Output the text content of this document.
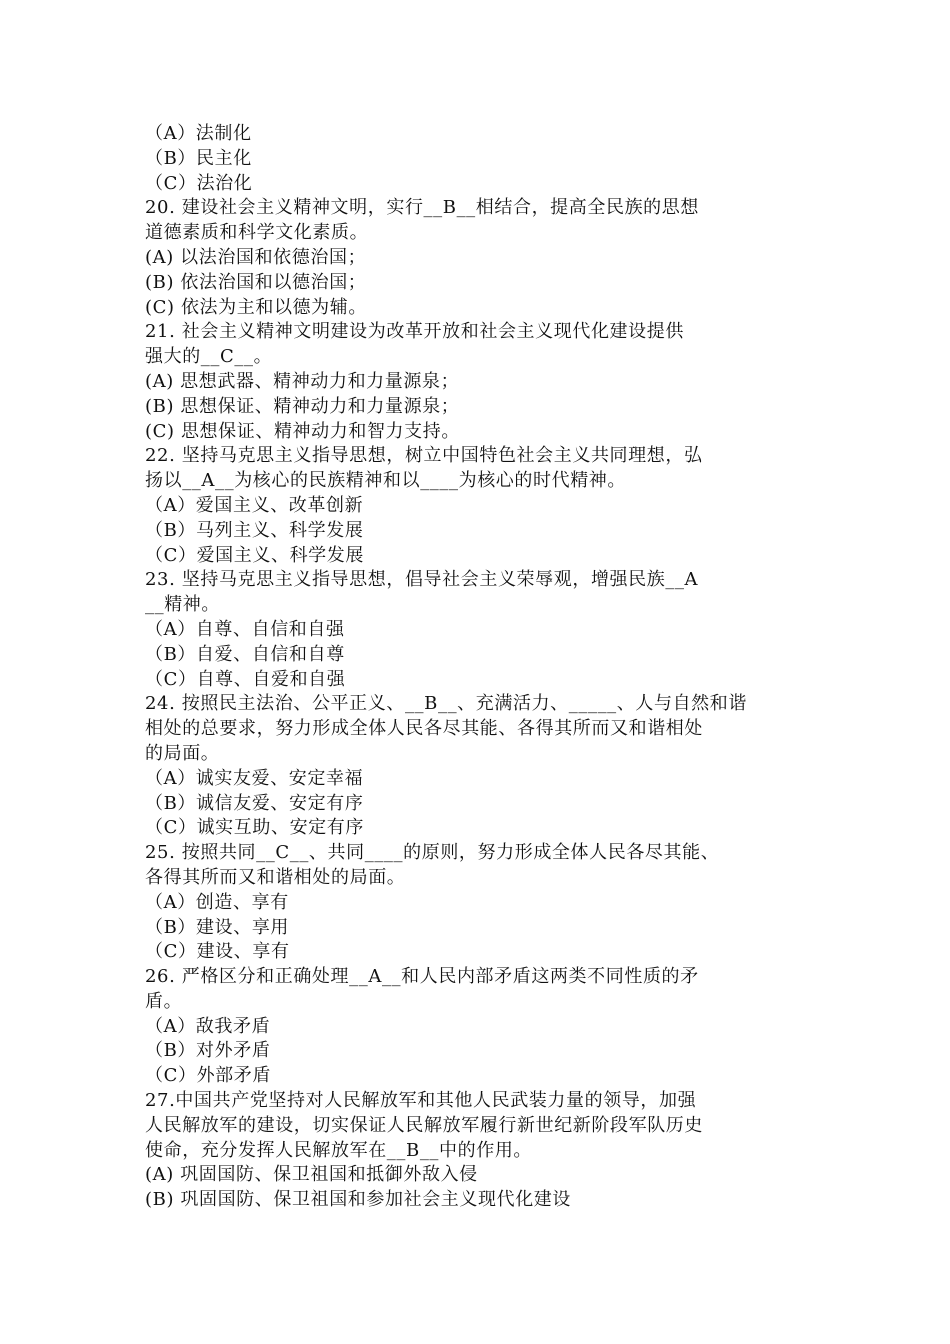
（A）法制化
（B）民主化
（C）法治化
20. 建设社会主义精神文明，实行__B__相结合，提高全民族的思想
道德素质和科学文化素质。
(A) 以法治国和依德治国；
(B) 依法治国和以德治国；
(C) 依法为主和以德为辅。
21. 社会主义精神文明建设为改革开放和社会主义现代化建设提供
强大的__C__。
(A) 思想武器、精神动力和力量源泉；
(B) 思想保证、精神动力和力量源泉；
(C) 思想保证、精神动力和智力支持。
22. 坚持马克思主义指导思想，树立中国特色社会主义共同理想，弘
扬以__A__为核心的民族精神和以____为核心的时代精神。
（A）爱国主义、改革创新
（B）马列主义、科学发展
（C）爱国主义、科学发展
23. 坚持马克思主义指导思想，倡导社会主义荣辱观，增强民族__A
__精神。
（A）自尊、自信和自强
（B）自爱、自信和自尊
（C）自尊、自爱和自强
24. 按照民主法治、公平正义、__B__、充满活力、_____、人与自然和谐
相处的总要求，努力形成全体人民各尽其能、各得其所而又和谐相处
的局面。
（A）诚实友爱、安定幸福
（B）诚信友爱、安定有序
（C）诚实互助、安定有序
25. 按照共同__C__、共同____的原则，努力形成全体人民各尽其能、
各得其所而又和谐相处的局面。
（A）创造、享有
（B）建设、享用
（C）建设、享有
26. 严格区分和正确处理__A__和人民内部矛盾这两类不同性质的矛
盾。
（A）敌我矛盾
（B）对外矛盾
（C）外部矛盾
27.中国共产党坚持对人民解放军和其他人民武装力量的领导，加强
人民解放军的建设，切实保证人民解放军履行新世纪新阶段军队历史
使命，充分发挥人民解放军在__B__中的作用。
(A) 巩固国防、保卫祖国和抵御外敌入侵
(B) 巩固国防、保卫祖国和参加社会主义现代化建设
